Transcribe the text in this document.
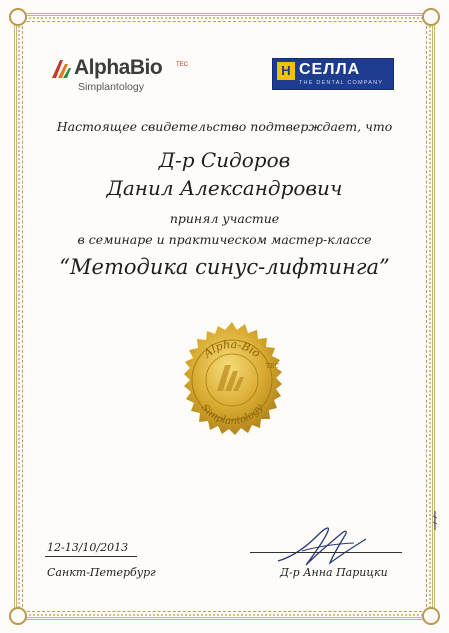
AlphaBio TEC
Simplantology
H СЕЛЛА
THE DENTAL COMPANY
Настоящее свидетельство подтверждает, что
Д-р Сидоров
Данил Александрович
принял участие
в семинаре и практическом мастер-классе
“Методика синус-лифтинга”
Alpha-Bio
Simplantology
TEC
12-13/10/2013
Санкт-Петербург	Д-р Анна Парицки
